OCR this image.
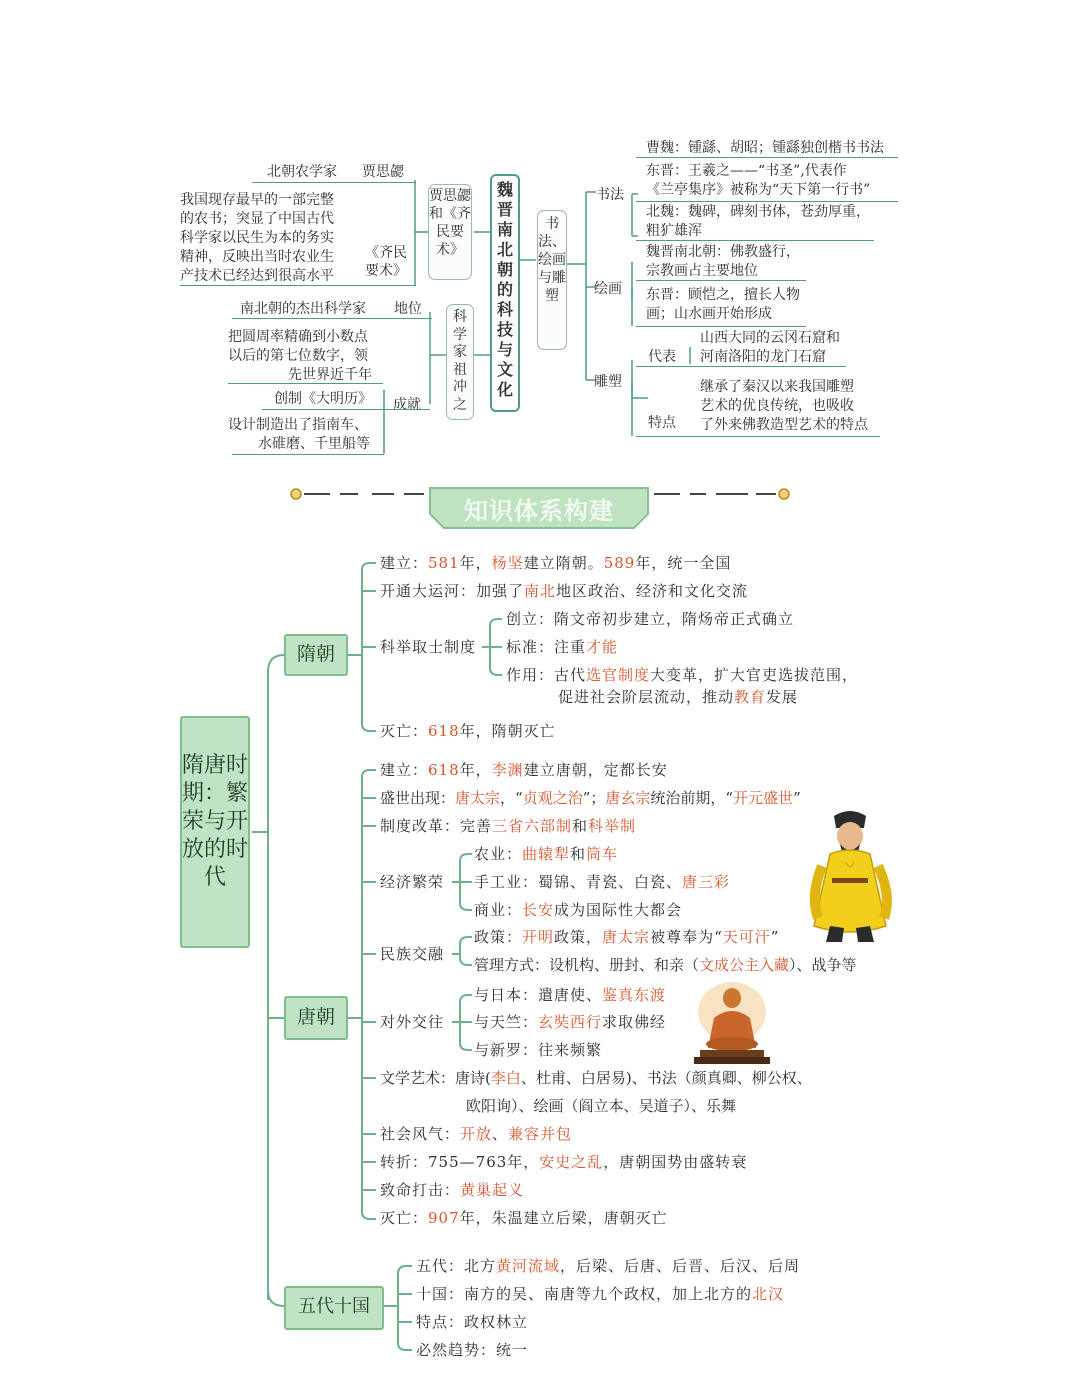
魏晋南北朝的科技与文化
书法、绘画与雕塑
书法
曹魏：锺繇、胡昭；锺繇独创楷书书法
东晋：王羲之——“书圣”,代表作
《兰亭集序》被称为“天下第一行书”
北魏：魏碑，碑刻书体，苍劲厚重，
粗犷雄浑
绘画
魏晋南北朝：佛教盛行，
宗教画占主要地位
东晋：顾恺之，擅长人物
画；山水画开始形成
雕塑
代表
山西大同的云冈石窟和
河南洛阳的龙门石窟
特点
继承了秦汉以来我国雕塑
艺术的优良传统，也吸收
了外来佛教造型艺术的特点
贾思勰和《齐民要术》
北朝农学家 贾思勰
我国现存最早的一部完整
的农书；突显了中国古代
科学家以民生为本的务实
精神，反映出当时农业生
产技术已经达到很高水平
《齐民要术》
科学家祖冲之
南北朝的杰出科学家 地位
把圆周率精确到小数点
以后的第七位数字，领
先世界近千年
创制《大明历》 成就
设计制造出了指南车、
水碓磨、千里船等
知识体系构建
隋唐时期：繁荣与开放的时代
隋朝
建立：581年，杨坚建立隋朝。589年，统一全国
开通大运河：加强了南北地区政治、经济和文化交流
科举取士制度
创立：隋文帝初步建立，隋炀帝正式确立
标准：注重才能
作用：古代选官制度大变革，扩大官吏选拔范围，
促进社会阶层流动，推动教育发展
灭亡：618年，隋朝灭亡
唐朝
建立：618年，李渊建立唐朝，定都长安
盛世出现：唐太宗，“贞观之治”；唐玄宗统治前期，“开元盛世”
制度改革：完善三省六部制和科举制
经济繁荣
农业：曲辕犁和筒车
手工业：蜀锦、青瓷、白瓷、唐三彩
商业：长安成为国际性大都会
民族交融
政策：开明政策，唐太宗被尊奉为“天可汗”
管理方式：设机构、册封、和亲（文成公主入藏）、战争等
对外交往
与日本：遣唐使、鉴真东渡
与天竺：玄奘西行求取佛经
与新罗：往来频繁
文学艺术：唐诗(李白、杜甫、白居易)、书法（颜真卿、柳公权、
欧阳询）、绘画（阎立本、吴道子）、乐舞
社会风气：开放、兼容并包
转折：755—763年，安史之乱，唐朝国势由盛转衰
致命打击：黄巢起义
灭亡：907年，朱温建立后梁，唐朝灭亡
五代十国
五代：北方黄河流域，后梁、后唐、后晋、后汉、后周
十国：南方的吴、南唐等九个政权，加上北方的北汉
特点：政权林立
必然趋势：统一
